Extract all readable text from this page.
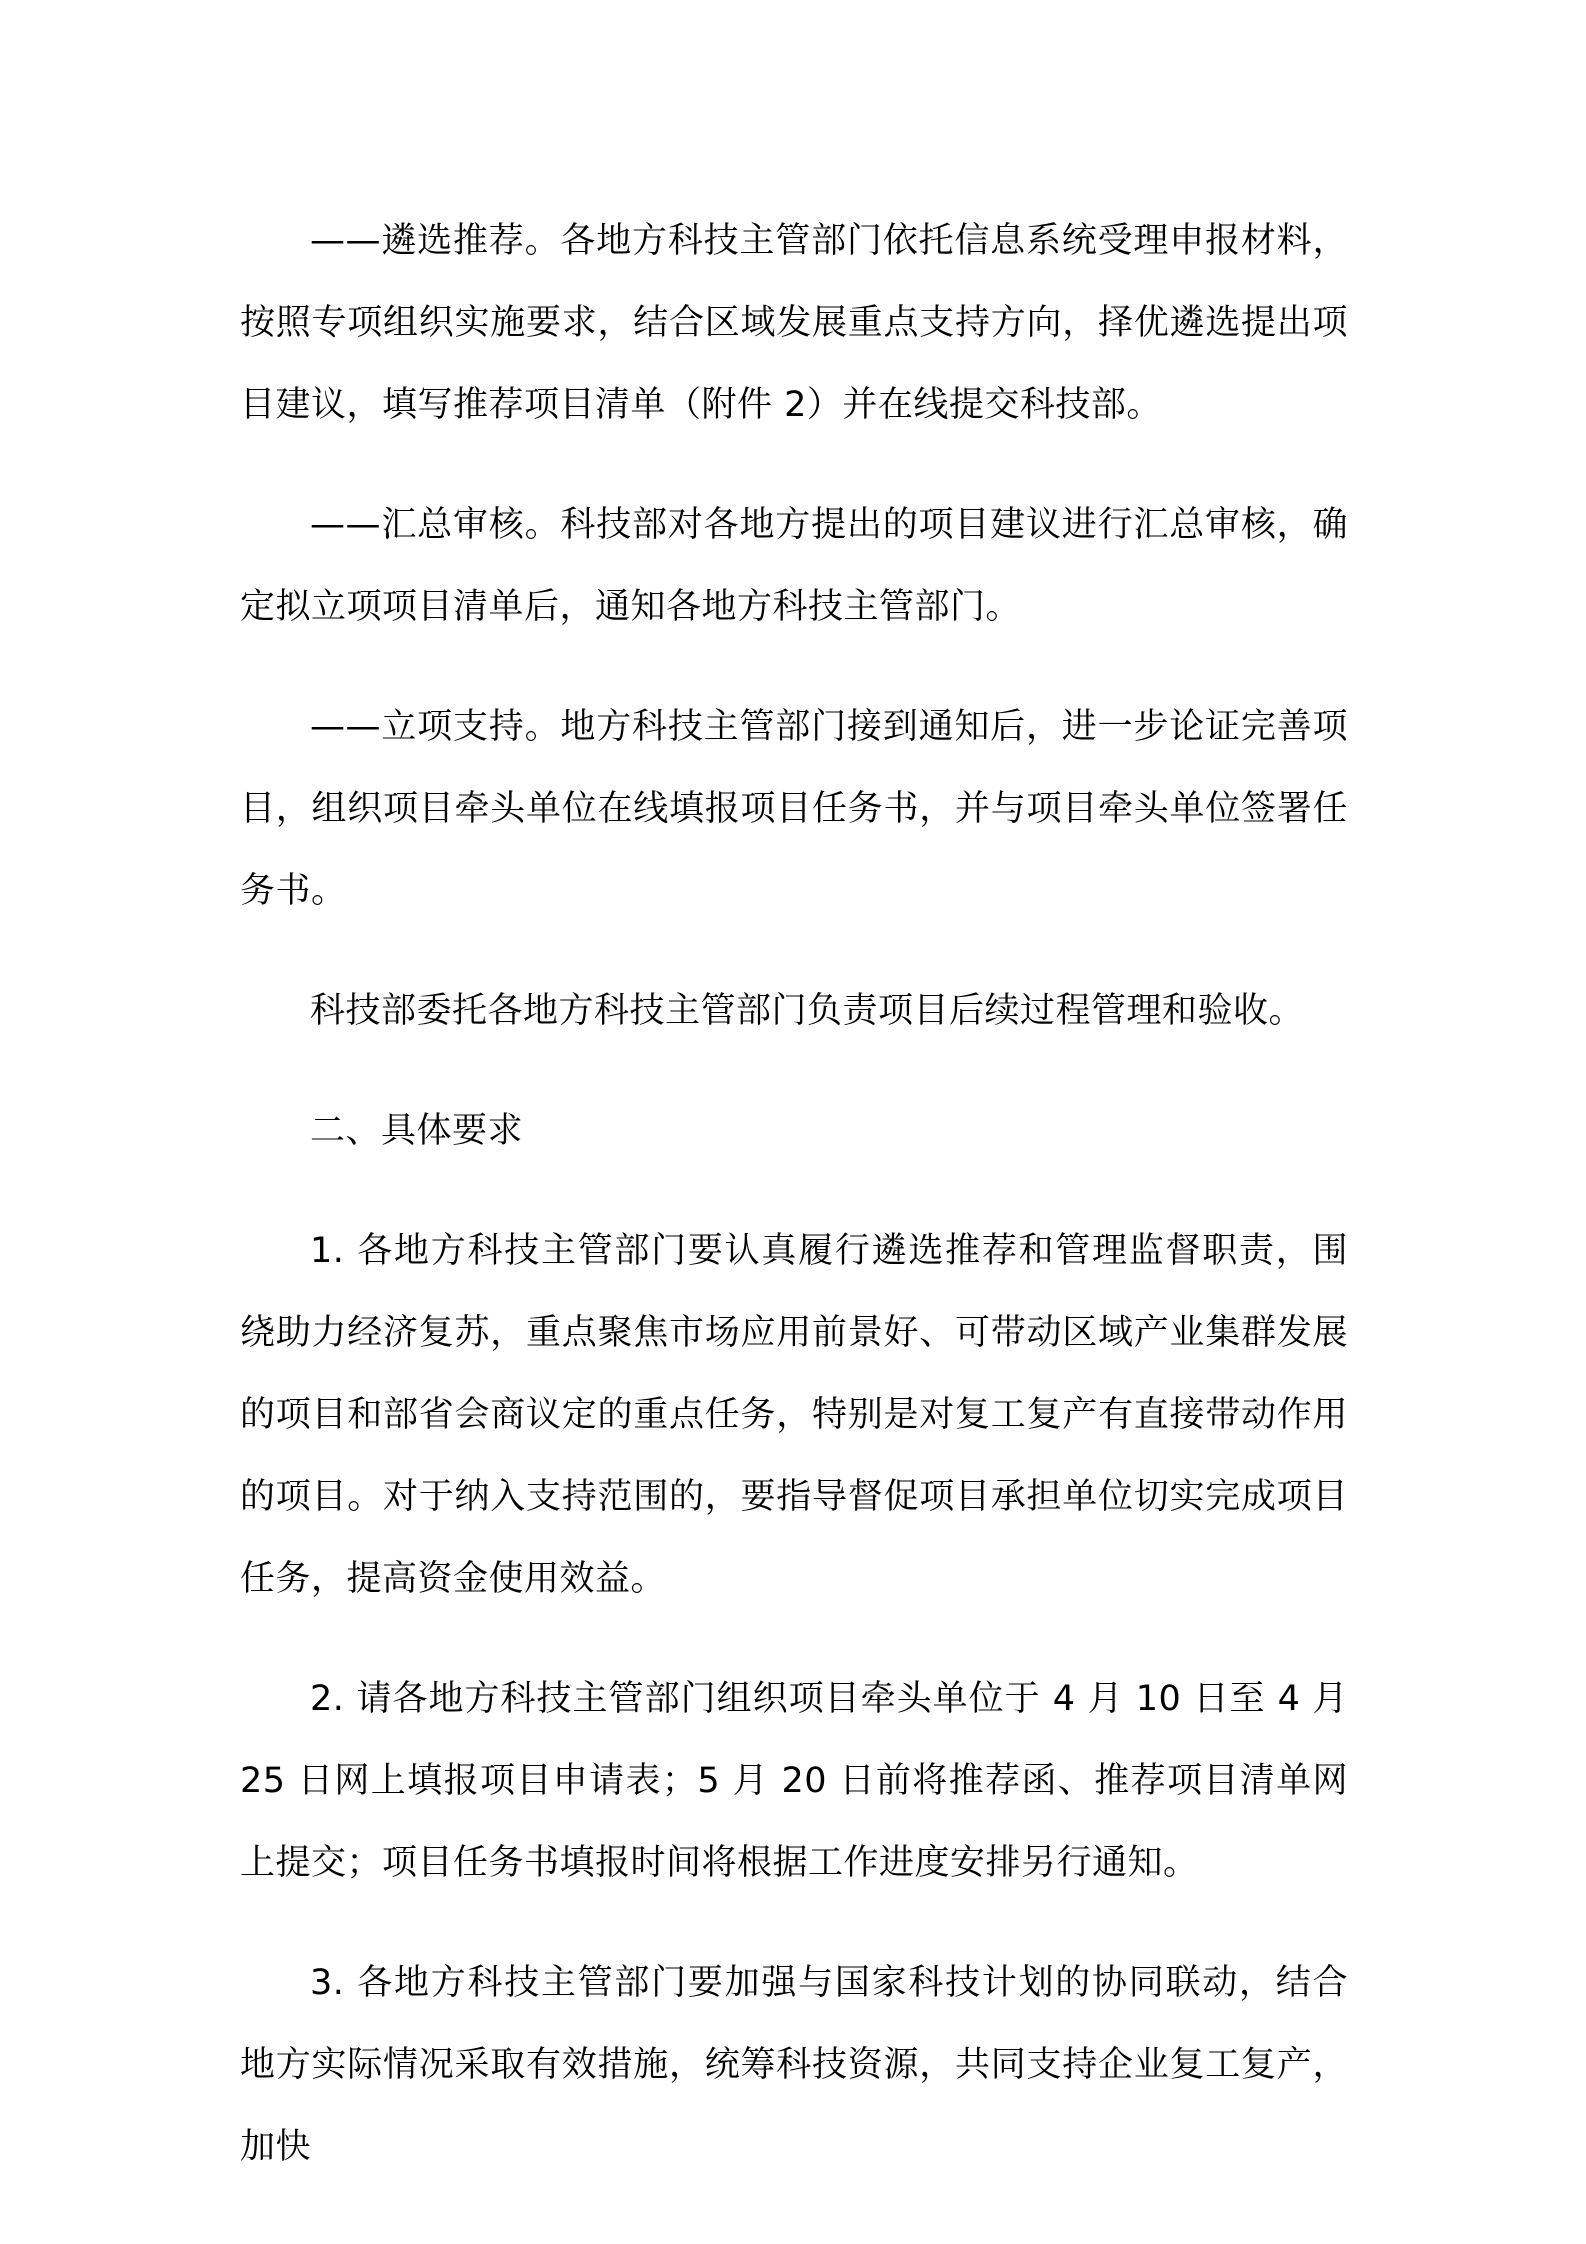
——遴选推荐。各地方科技主管部门依托信息系统受理申报材料，按照专项组织实施要求，结合区域发展重点支持方向，择优遴选提出项目建议，填写推荐项目清单（附件 2）并在线提交科技部。

——汇总审核。科技部对各地方提出的项目建议进行汇总审核，确定拟立项项目清单后，通知各地方科技主管部门。

——立项支持。地方科技主管部门接到通知后，进一步论证完善项目，组织项目牵头单位在线填报项目任务书，并与项目牵头单位签署任务书。

科技部委托各地方科技主管部门负责项目后续过程管理和验收。

二、具体要求

1. 各地方科技主管部门要认真履行遴选推荐和管理监督职责，围绕助力经济复苏，重点聚焦市场应用前景好、可带动区域产业集群发展的项目和部省会商议定的重点任务，特别是对复工复产有直接带动作用的项目。对于纳入支持范围的，要指导督促项目承担单位切实完成项目任务，提高资金使用效益。

2. 请各地方科技主管部门组织项目牵头单位于 4 月 10 日至 4 月 25 日网上填报项目申请表；5 月 20 日前将推荐函、推荐项目清单网上提交；项目任务书填报时间将根据工作进度安排另行通知。

3. 各地方科技主管部门要加强与国家科技计划的协同联动，结合地方实际情况采取有效措施，统筹科技资源，共同支持企业复工复产，加快
